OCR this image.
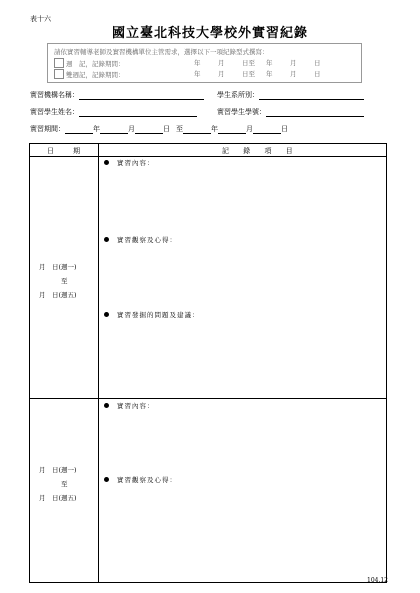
表十六
國立臺北科技大學校外實習紀錄
請依實習輔導老師及實習機構單位主管需求，選擇以下一項紀錄型式撰寫：
週　記，記錄期間：	年	月	日至	年	月	日
雙週記，記錄期間：	年	月	日至	年	月	日
實習機構名稱：	學生系所別：
實習學生姓名：	實習學生學號：
實習期間：	年	月	日 至	年	月	日
日　期	記 錄 項 目
月　日(週一)
至
月　日(週五)
實習內容：
實習觀察及心得：
實習發掘的問題及建議：
月　日(週一)
至
月　日(週五)
實習內容：
實習觀察及心得：
104.12
